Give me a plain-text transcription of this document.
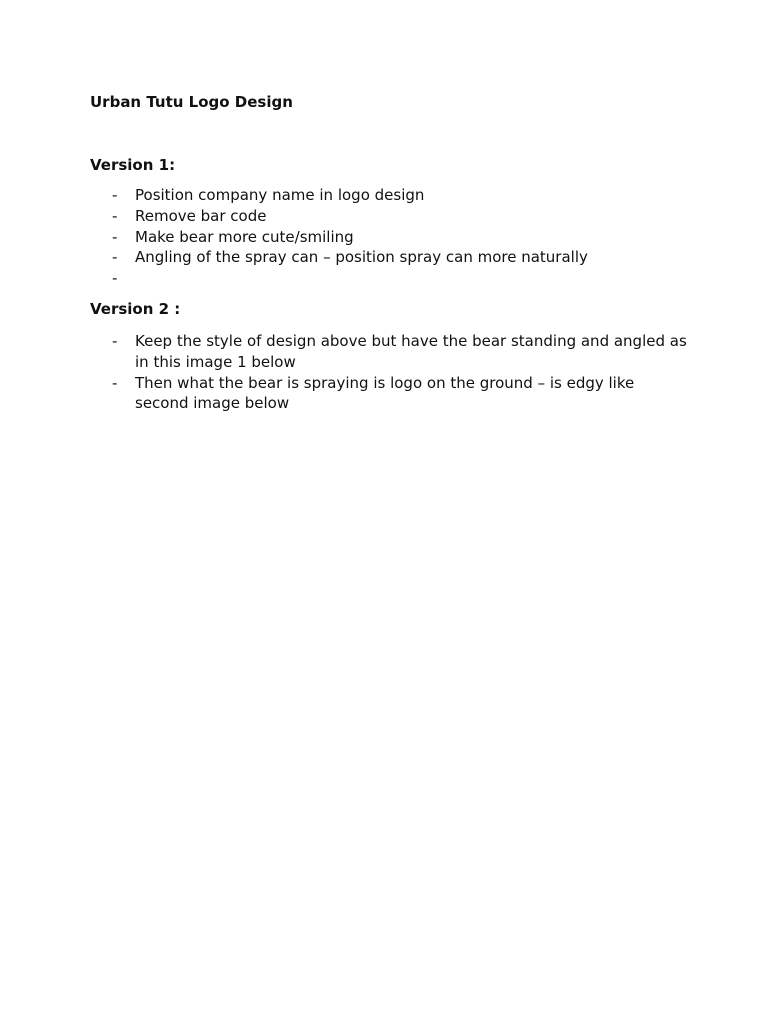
Urban Tutu Logo Design
Version 1:
- Position company name in logo design
- Remove bar code
- Make bear more cute/smiling
- Angling of the spray can – position spray can more naturally
-
Version 2 :
- Keep the style of design above but have the bear standing and angled as in this image 1 below
- Then what the bear is spraying is logo on the ground – is edgy like second image below
